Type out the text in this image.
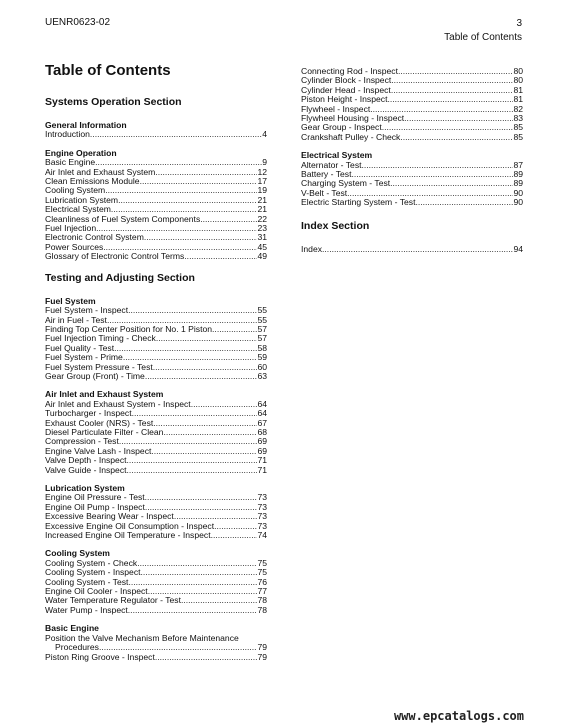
UENR0623-02	3
Table of Contents
Table of Contents
Systems Operation Section
General Information
Introduction .....	4
Engine Operation
Basic Engine .....	9
Air Inlet and Exhaust System .....	12
Clean Emissions Module .....	17
Cooling System .....	19
Lubrication System .....	21
Electrical System .....	21
Cleanliness of Fuel System Components .....	22
Fuel Injection .....	23
Electronic Control System .....	31
Power Sources .....	45
Glossary of Electronic Control Terms .....	49
Testing and Adjusting Section
Fuel System
Fuel System - Inspect .....	55
Air in Fuel - Test .....	55
Finding Top Center Position for No. 1 Piston .....	57
Fuel Injection Timing - Check .....	57
Fuel Quality - Test .....	58
Fuel System - Prime .....	59
Fuel System Pressure - Test .....	60
Gear Group (Front) - Time .....	63
Air Inlet and Exhaust System
Air Inlet and Exhaust System - Inspect .....	64
Turbocharger - Inspect .....	64
Exhaust Cooler (NRS) - Test .....	67
Diesel Particulate Filter - Clean .....	68
Compression - Test .....	69
Engine Valve Lash - Inspect .....	69
Valve Depth - Inspect .....	71
Valve Guide - Inspect .....	71
Lubrication System
Engine Oil Pressure - Test .....	73
Engine Oil Pump - Inspect .....	73
Excessive Bearing Wear - Inspect .....	73
Excessive Engine Oil Consumption - Inspect .....	73
Increased Engine Oil Temperature - Inspect .....	74
Cooling System
Cooling System - Check .....	75
Cooling System - Inspect .....	75
Cooling System - Test .....	76
Engine Oil Cooler - Inspect .....	77
Water Temperature Regulator - Test .....	78
Water Pump - Inspect .....	78
Basic Engine
Position the Valve Mechanism Before Maintenance
Procedures .....	79
Piston Ring Groove - Inspect .....	79
Connecting Rod - Inspect .....	80
Cylinder Block - Inspect .....	80
Cylinder Head - Inspect .....	81
Piston Height - Inspect .....	81
Flywheel - Inspect .....	82
Flywheel Housing - Inspect .....	83
Gear Group - Inspect .....	85
Crankshaft Pulley - Check .....	85
Electrical System
Alternator - Test .....	87
Battery - Test .....	89
Charging System - Test .....	89
V-Belt - Test .....	90
Electric Starting System - Test .....	90
Index Section
Index .....	94
www.epcatalogs.com
